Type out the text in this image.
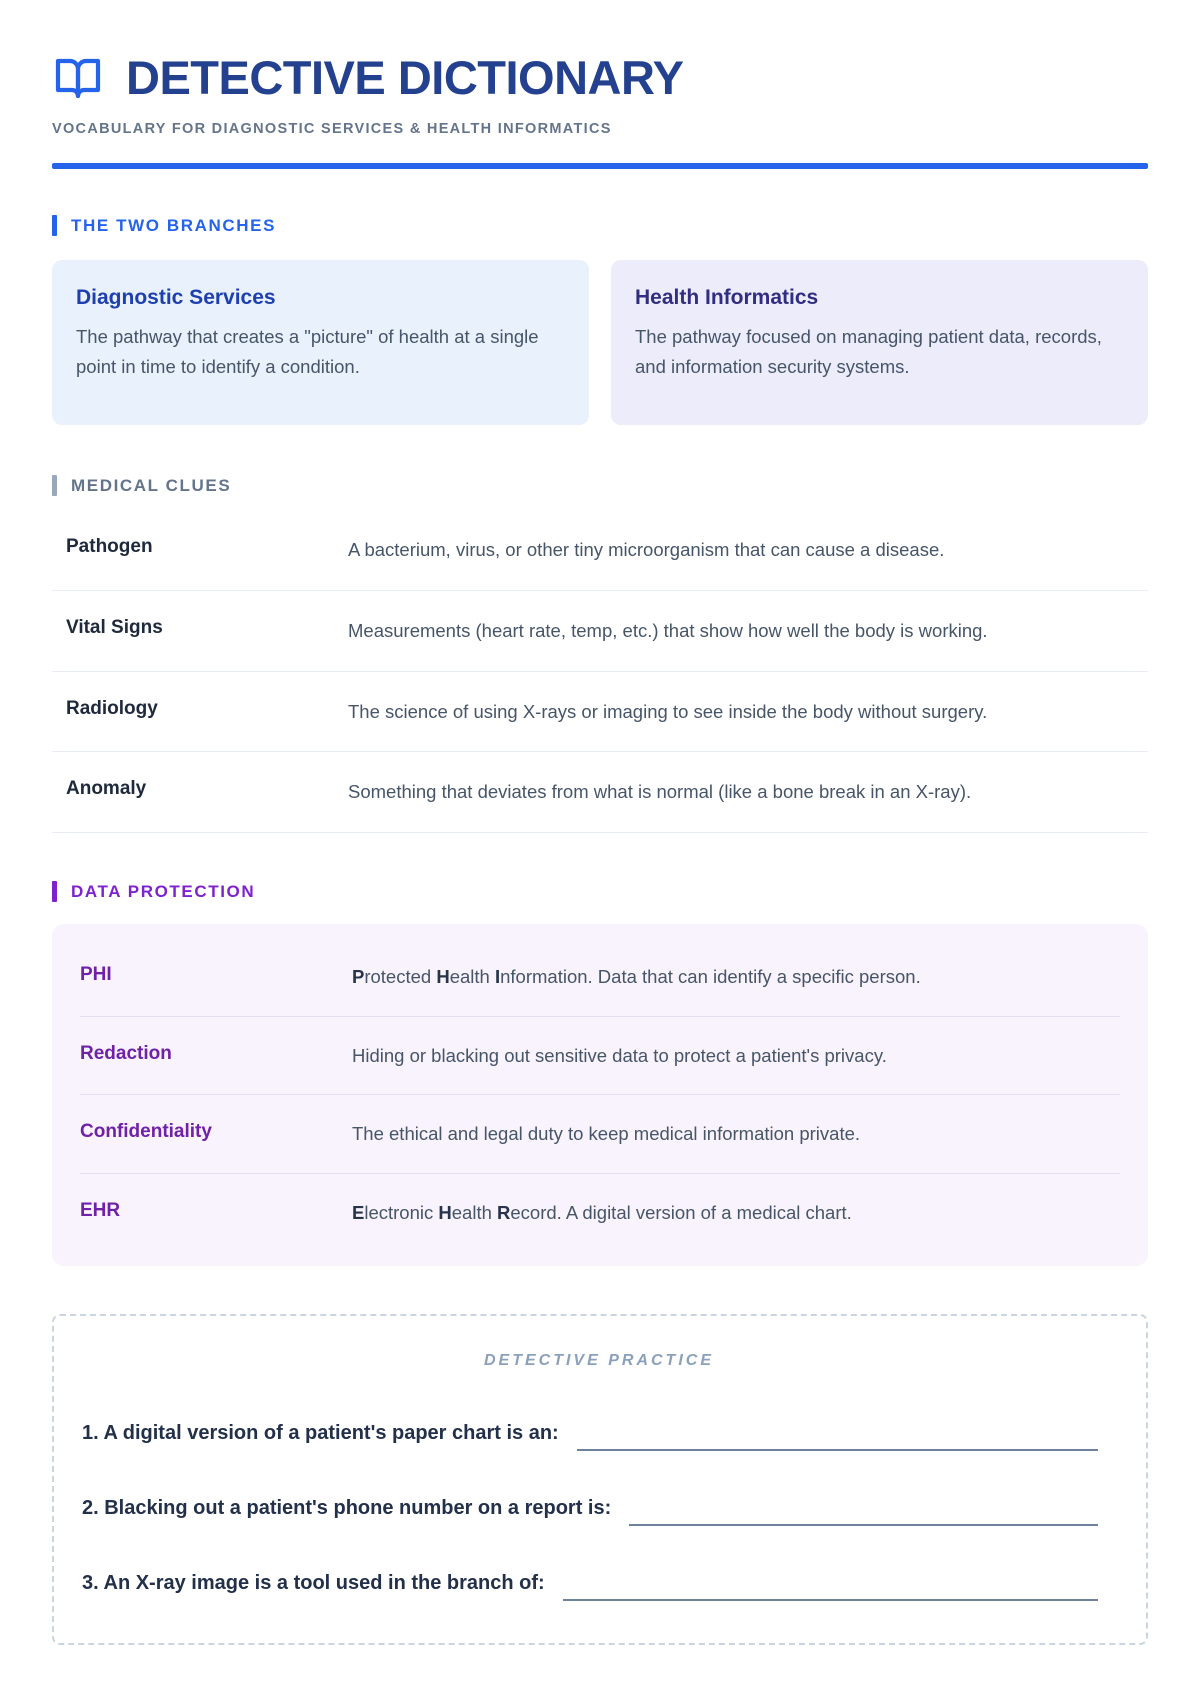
DETECTIVE DICTIONARY
VOCABULARY FOR DIAGNOSTIC SERVICES & HEALTH INFORMATICS
THE TWO BRANCHES
Diagnostic Services

The pathway that creates a "picture" of health at a single point in time to identify a condition.

Health Informatics

The pathway focused on managing patient data, records, and information security systems.

MEDICAL CLUES
Pathogen	A bacterium, virus, or other tiny microorganism that can cause a disease.
Vital Signs	Measurements (heart rate, temp, etc.) that show how well the body is working.
Radiology	The science of using X-rays or imaging to see inside the body without surgery.
Anomaly	Something that deviates from what is normal (like a bone break in an X-ray).
DATA PROTECTION
PHI	Protected Health Information. Data that can identify a specific person.
Redaction	Hiding or blacking out sensitive data to protect a patient's privacy.
Confidentiality	The ethical and legal duty to keep medical information private.
EHR	Electronic Health Record. A digital version of a medical chart.
DETECTIVE PRACTICE
1. A digital version of a patient's paper chart is an:
2. Blacking out a patient's phone number on a report is:
3. An X-ray image is a tool used in the branch of:
